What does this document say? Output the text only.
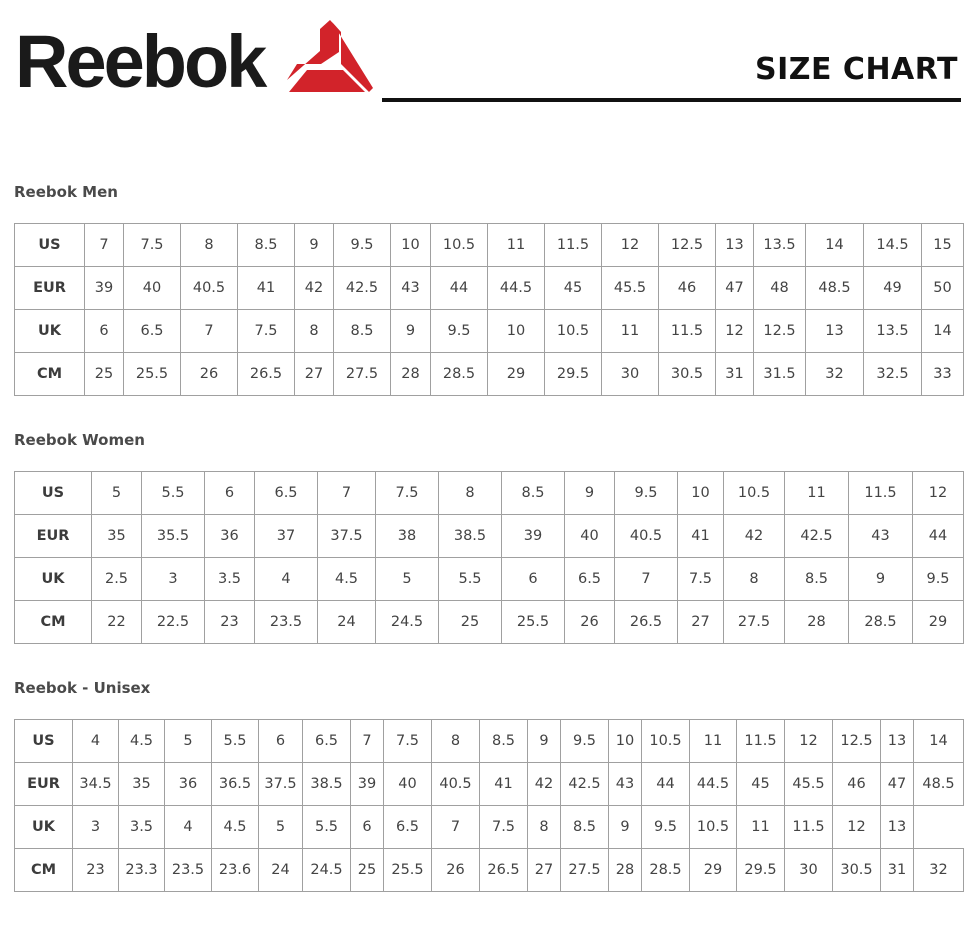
Reebok	SIZE CHART
Reebok Men
US	7	7.5	8	8.5	9	9.5	10	10.5	11	11.5	12	12.5	13	13.5	14	14.5	15
EUR	39	40	40.5	41	42	42.5	43	44	44.5	45	45.5	46	47	48	48.5	49	50
UK	6	6.5	7	7.5	8	8.5	9	9.5	10	10.5	11	11.5	12	12.5	13	13.5	14
CM	25	25.5	26	26.5	27	27.5	28	28.5	29	29.5	30	30.5	31	31.5	32	32.5	33
Reebok Women
US	5	5.5	6	6.5	7	7.5	8	8.5	9	9.5	10	10.5	11	11.5	12
EUR	35	35.5	36	37	37.5	38	38.5	39	40	40.5	41	42	42.5	43	44
UK	2.5	3	3.5	4	4.5	5	5.5	6	6.5	7	7.5	8	8.5	9	9.5
CM	22	22.5	23	23.5	24	24.5	25	25.5	26	26.5	27	27.5	28	28.5	29
Reebok - Unisex
US	4	4.5	5	5.5	6	6.5	7	7.5	8	8.5	9	9.5	10	10.5	11	11.5	12	12.5	13	14
EUR	34.5	35	36	36.5	37.5	38.5	39	40	40.5	41	42	42.5	43	44	44.5	45	45.5	46	47	48.5
UK	3	3.5	4	4.5	5	5.5	6	6.5	7	7.5	8	8.5	9	9.5	10.5	11	11.5	12	13	
CM	23	23.3	23.5	23.6	24	24.5	25	25.5	26	26.5	27	27.5	28	28.5	29	29.5	30	30.5	31	32
